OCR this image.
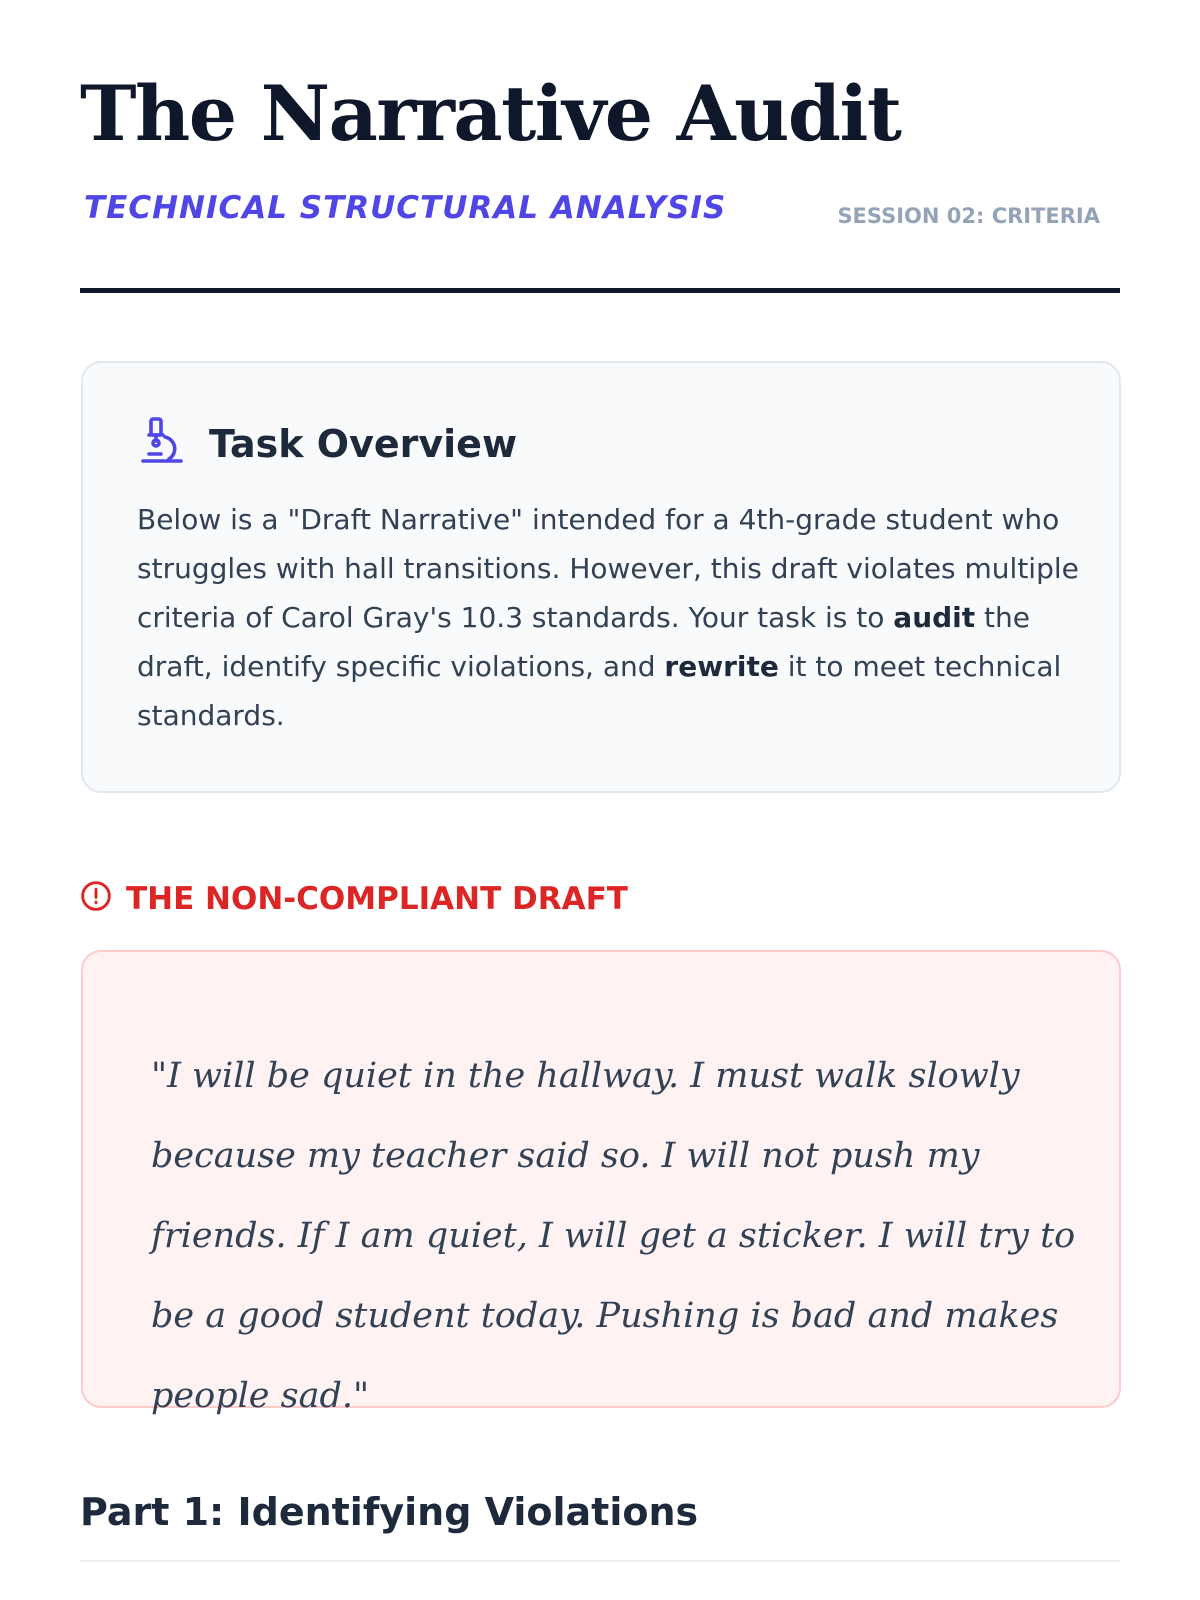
The Narrative Audit
TECHNICAL STRUCTURAL ANALYSIS	SESSION 02: CRITERIA
Task Overview

Below is a "Draft Narrative" intended for a 4th-grade student who struggles with hall transitions. However, this draft violates multiple criteria of Carol Gray's 10.3 standards. Your task is to audit the draft, identify specific violations, and rewrite it to meet technical standards.

THE NON-COMPLIANT DRAFT

"I will be quiet in the hallway. I must walk slowly because my teacher said so. I will not push my friends. If I am quiet, I will get a sticker. I will try to be a good student today. Pushing is bad and makes people sad."

Part 1: Identifying Violations
